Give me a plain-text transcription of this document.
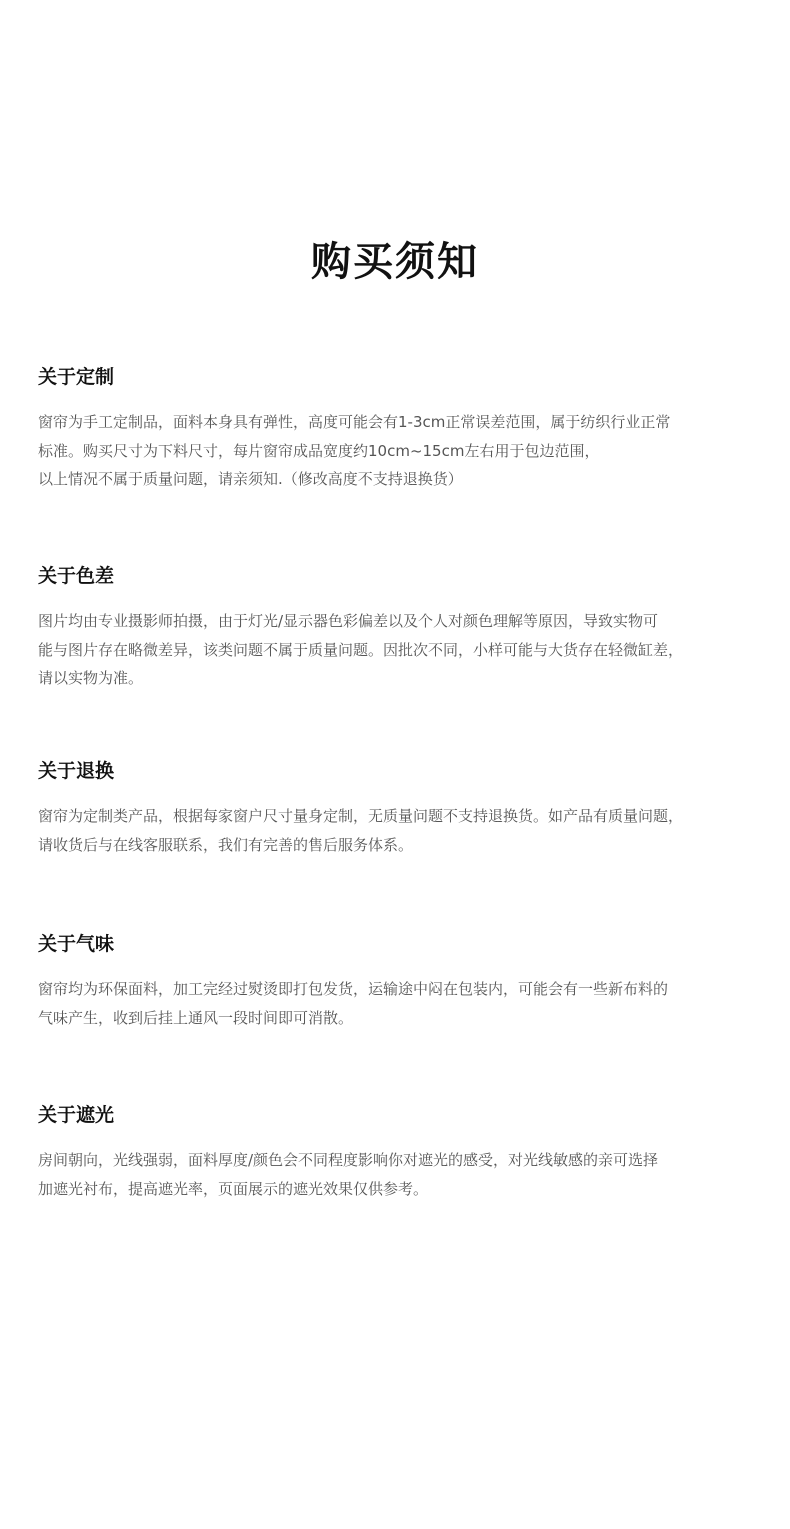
购买须知
关于定制

窗帘为手工定制品，面料本身具有弹性，高度可能会有1-3cm正常误差范围，属于纺织行业正常
标准。购买尺寸为下料尺寸，每片窗帘成品宽度约10cm~15cm左右用于包边范围，
以上情况不属于质量问题，请亲须知.（修改高度不支持退换货）

关于色差

图片均由专业摄影师拍摄，由于灯光/显示器色彩偏差以及个人对颜色理解等原因，导致实物可
能与图片存在略微差异，该类问题不属于质量问题。因批次不同，小样可能与大货存在轻微缸差，
请以实物为准。

关于退换

窗帘为定制类产品，根据每家窗户尺寸量身定制，无质量问题不支持退换货。如产品有质量问题，
请收货后与在线客服联系，我们有完善的售后服务体系。

关于气味

窗帘均为环保面料，加工完经过熨烫即打包发货，运输途中闷在包装内，可能会有一些新布料的
气味产生，收到后挂上通风一段时间即可消散。

关于遮光

房间朝向，光线强弱，面料厚度/颜色会不同程度影响你对遮光的感受，对光线敏感的亲可选择
加遮光衬布，提高遮光率，页面展示的遮光效果仅供参考。
